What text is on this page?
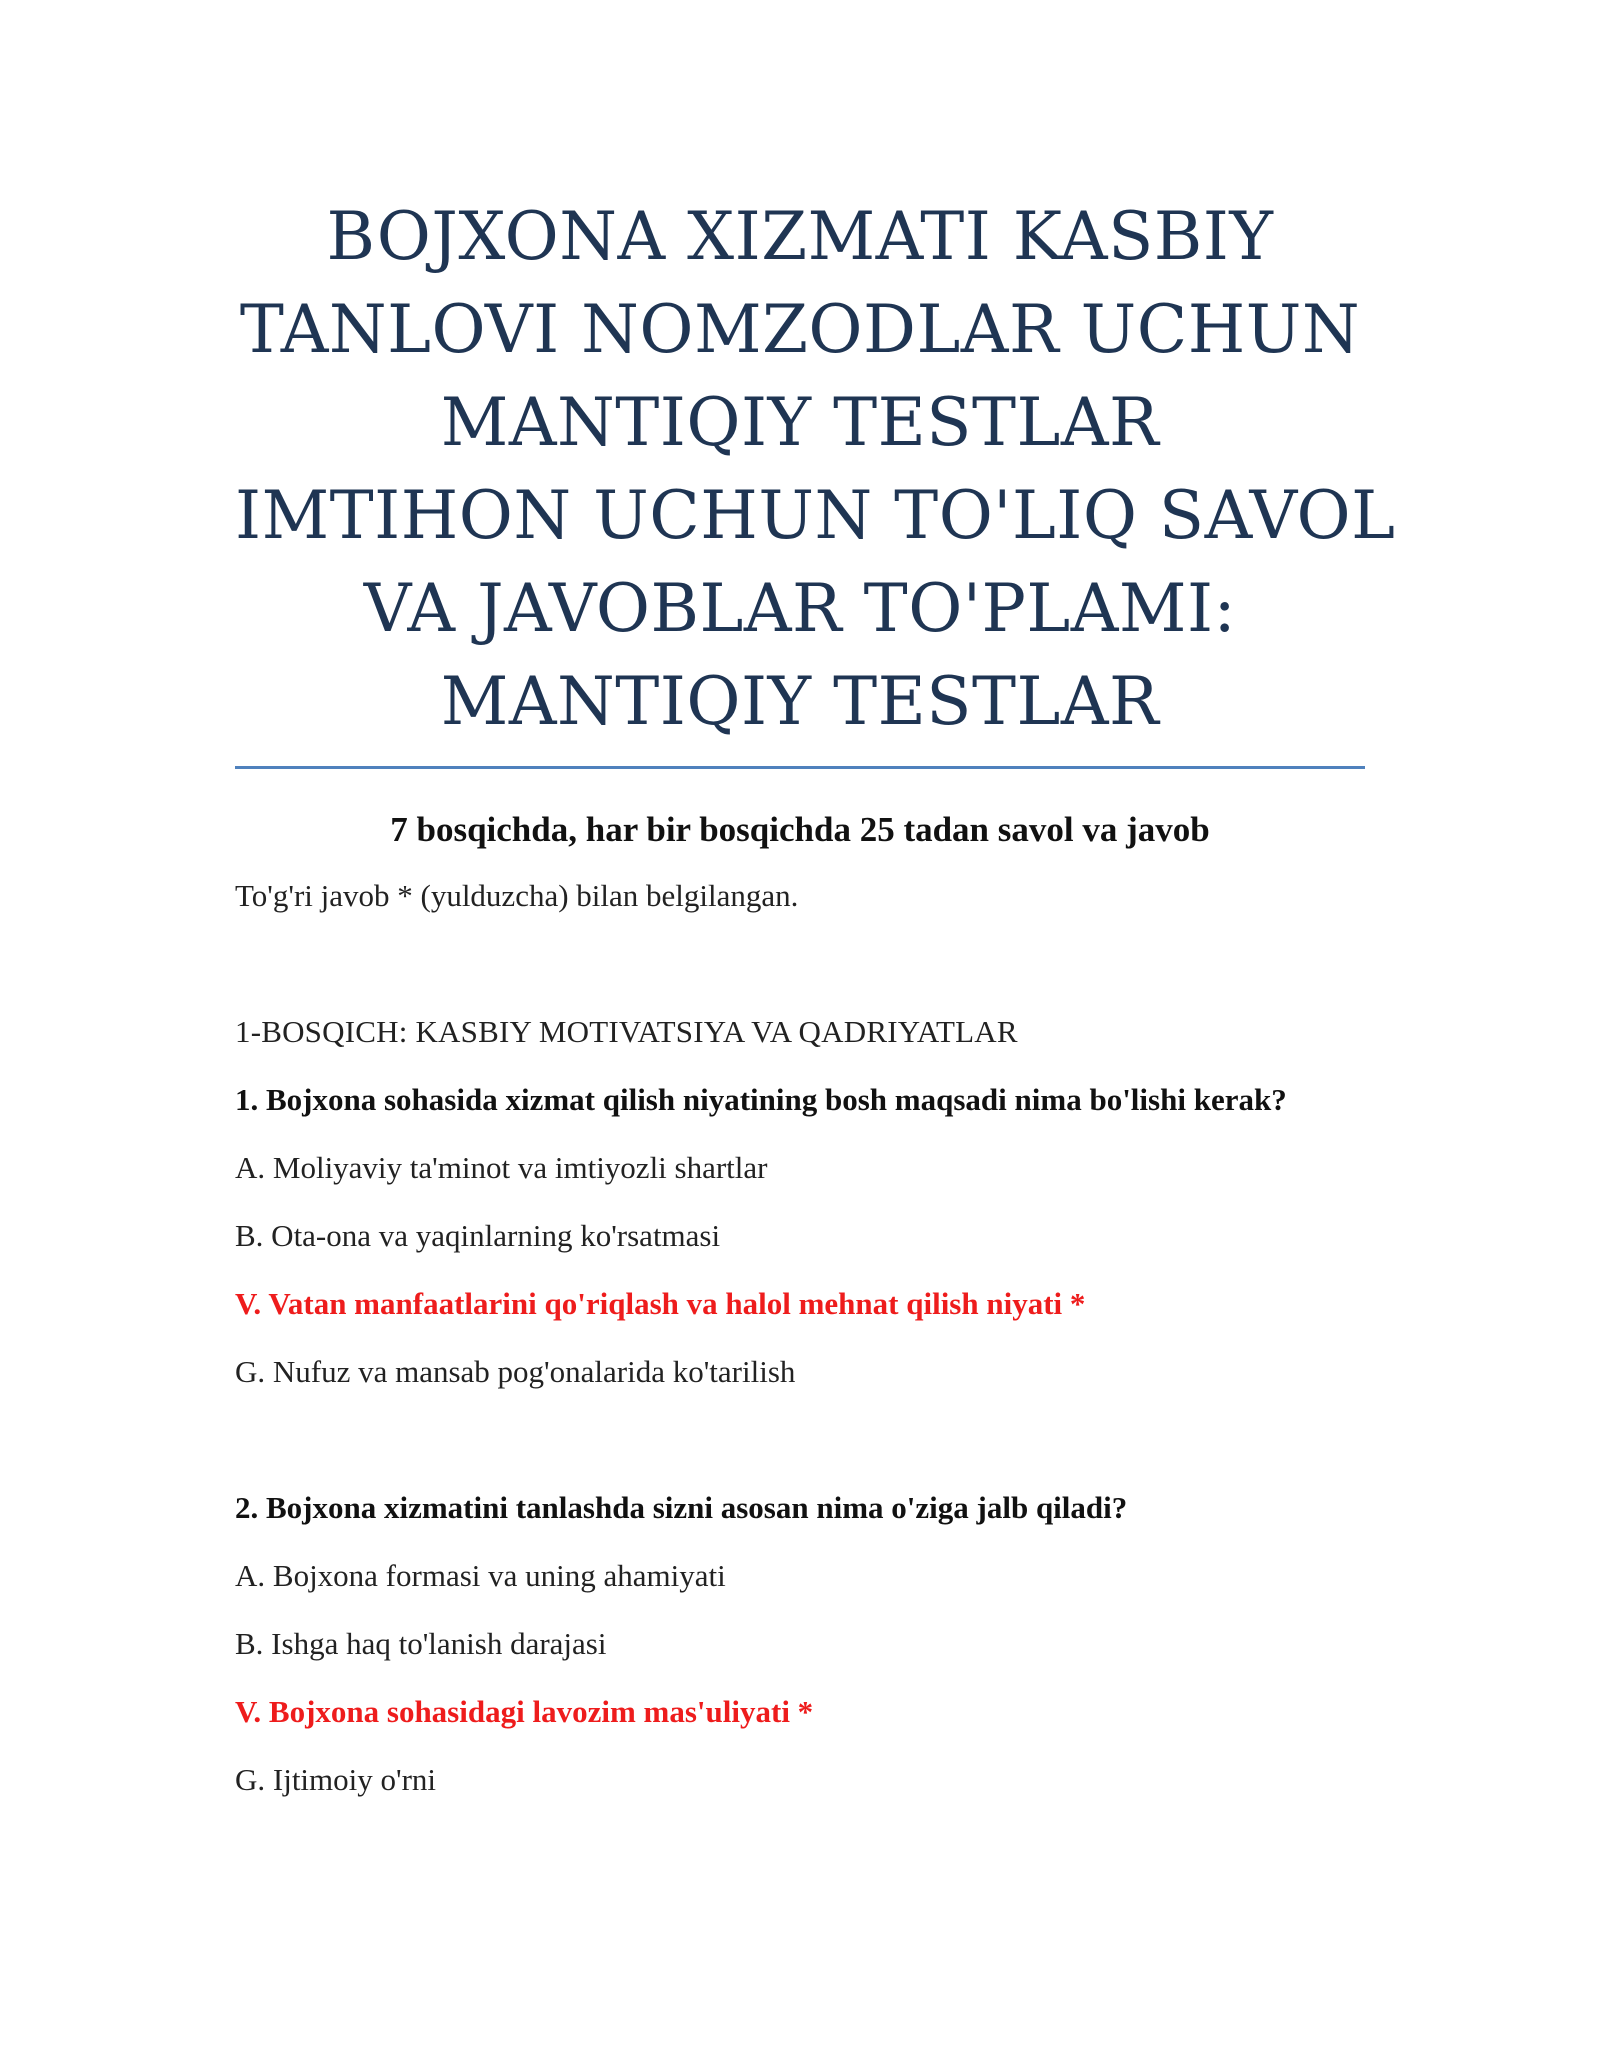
BOJXONA XIZMATI KASBIY
TANLOVI NOMZODLAR UCHUN
MANTIQIY TESTLAR
IMTIHON UCHUN TO'LIQ SAVOL
VA JAVOBLAR TO'PLAMI:
MANTIQIY TESTLAR
7 bosqichda, har bir bosqichda 25 tadan savol va javob
To'g'ri javob * (yulduzcha) bilan belgilangan.
1-BOSQICH: KASBIY MOTIVATSIYA VA QADRIYATLAR
1. Bojxona sohasida xizmat qilish niyatining bosh maqsadi nima bo'lishi kerak?
A. Moliyaviy ta'minot va imtiyozli shartlar
B. Ota-ona va yaqinlarning ko'rsatmasi
V. Vatan manfaatlarini qo'riqlash va halol mehnat qilish niyati *
G. Nufuz va mansab pog'onalarida ko'tarilish
2. Bojxona xizmatini tanlashda sizni asosan nima o'ziga jalb qiladi?
A. Bojxona formasi va uning ahamiyati
B. Ishga haq to'lanish darajasi
V. Bojxona sohasidagi lavozim mas'uliyati *
G. Ijtimoiy o'rni
